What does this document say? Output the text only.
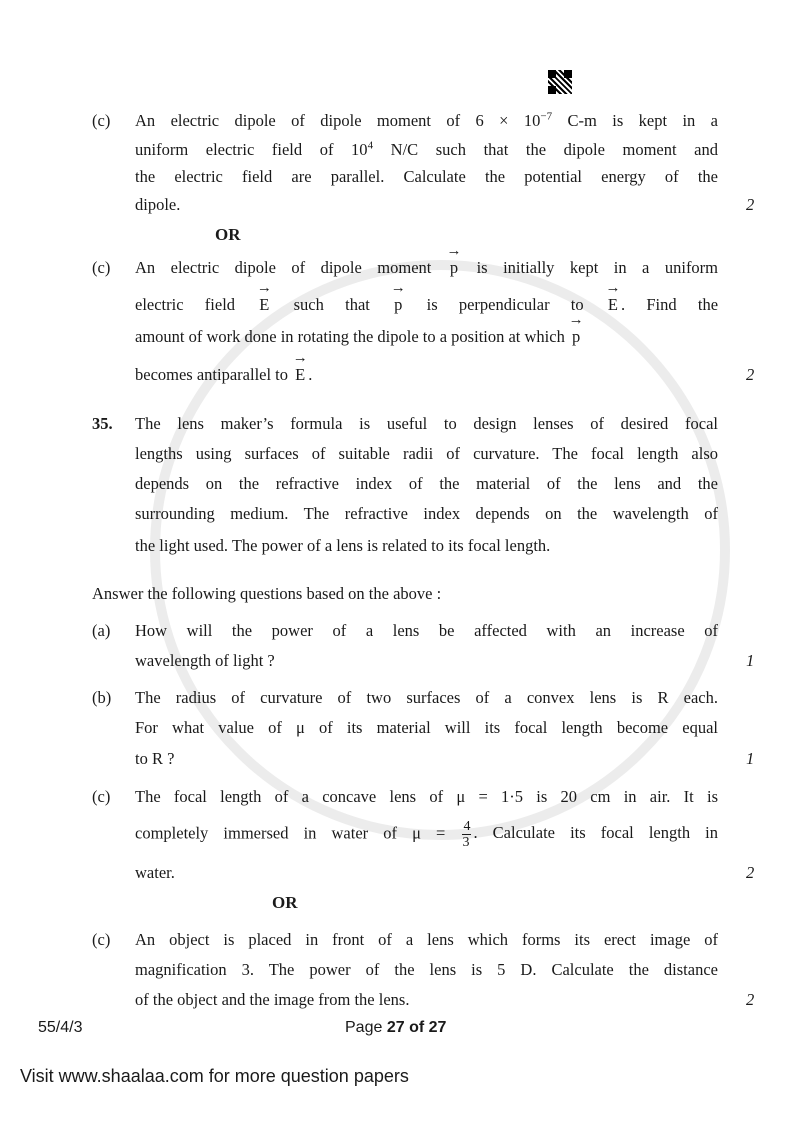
(c) An electric dipole of dipole moment of $6 \times 10^{-7}$ C-m is kept in a
uniform electric field of $10^4$ N/C such that the dipole moment and
the electric field are parallel. Calculate the potential energy of the
dipole.	2
OR
(c) An electric dipole of dipole moment → p is initially kept in a uniform
electric field → E such that → p is perpendicular to → E . Find the
amount of work done in rotating the dipole to a position at which → p
becomes antiparallel to → E .	2
35. The lens maker’s formula is useful to design lenses of desired focal
lengths using surfaces of suitable radii of curvature. The focal length also
depends on the refractive index of the material of the lens and the
surrounding medium. The refractive index depends on the wavelength of
the light used. The power of a lens is related to its focal length.
Answer the following questions based on the above :
(a) How will the power of a lens be affected with an increase of
wavelength of light ?	1
(b) The radius of curvature of two surfaces of a convex lens is R each.
For what value of μ of its material will its focal length become equal
to R ?	1
(c) The focal length of a concave lens of μ = 1·5 is 20 cm in air. It is
completely immersed in water of $\mu = \frac{4}{3}$ . Calculate its focal length in
water.	2
OR
(c) An object is placed in front of a lens which forms its erect image of
magnification 3. The power of the lens is 5 D. Calculate the distance
of the object and the image from the lens.	2
55/4/3	Page 27 of 27
Visit www.shaalaa.com for more question papers
